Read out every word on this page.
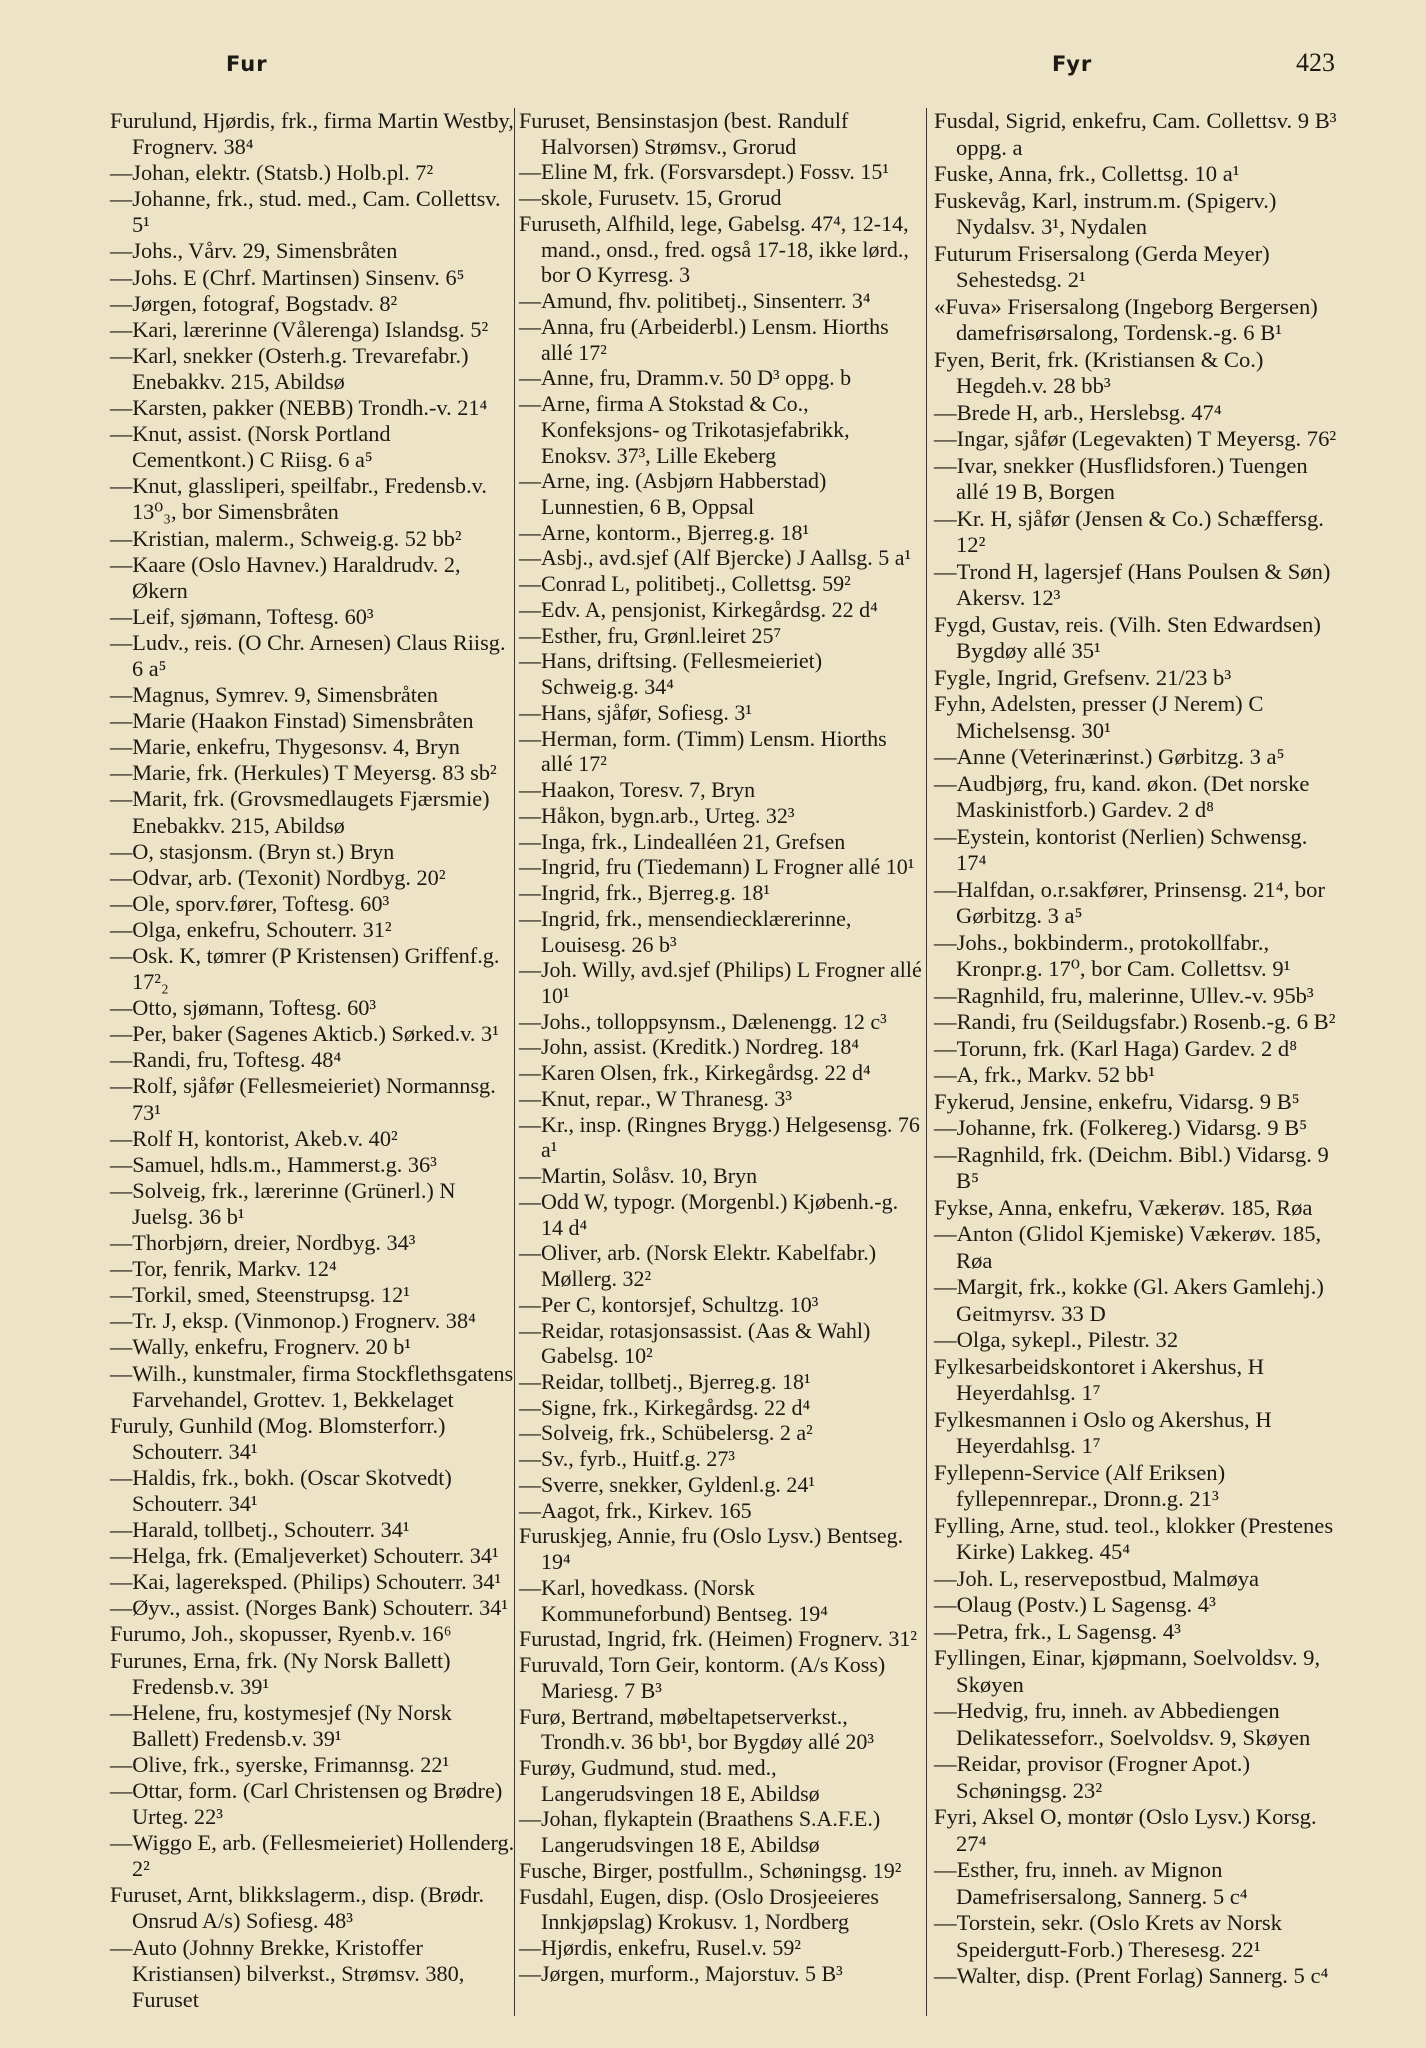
Fur	Fyr	423
Furulund, Hjørdis, frk., firma Martin Westby, Frognerv. 38⁴
—Johan, elektr. (Statsb.) Holb.pl. 7²
—Johanne, frk., stud. med., Cam. Collettsv. 5¹
—Johs., Vårv. 29, Simensbråten
—Johs. E (Chrf. Martinsen) Sinsenv. 6⁵
—Jørgen, fotograf, Bogstadv. 8²
—Kari, lærerinne (Vålerenga) Islandsg. 5²
—Karl, snekker (Osterh.g. Trevarefabr.) Enebakkv. 215, Abildsø
—Karsten, pakker (NEBB) Trondh.-v. 21⁴
—Knut, assist. (Norsk Portland Cementkont.) C Riisg. 6 a⁵
—Knut, glassliperi, speilfabr., Fredensb.v. 13⁰₃, bor Simensbråten
—Kristian, malerm., Schweig.g. 52 bb²
—Kaare (Oslo Havnev.) Haraldrudv. 2, Økern
—Leif, sjømann, Toftesg. 60³
—Ludv., reis. (O Chr. Arnesen) Claus Riisg. 6 a⁵
—Magnus, Symrev. 9, Simensbråten
—Marie (Haakon Finstad) Simensbråten
—Marie, enkefru, Thygesonsv. 4, Bryn
—Marie, frk. (Herkules) T Meyersg. 83 sb²
—Marit, frk. (Grovsmedlaugets Fjærsmie) Enebakkv. 215, Abildsø
—O, stasjonsm. (Bryn st.) Bryn
—Odvar, arb. (Texonit) Nordbyg. 20²
—Ole, sporv.fører, Toftesg. 60³
—Olga, enkefru, Schouterr. 31²
—Osk. K, tømrer (P Kristensen) Griffenf.g. 17²₂
—Otto, sjømann, Toftesg. 60³
—Per, baker (Sagenes Akticb.) Sørked.v. 3¹
—Randi, fru, Toftesg. 48⁴
—Rolf, sjåfør (Fellesmeieriet) Normannsg. 73¹
—Rolf H, kontorist, Akeb.v. 40²
—Samuel, hdls.m., Hammerst.g. 36³
—Solveig, frk., lærerinne (Grünerl.) N Juelsg. 36 b¹
—Thorbjørn, dreier, Nordbyg. 34³
—Tor, fenrik, Markv. 12⁴
—Torkil, smed, Steenstrupsg. 12¹
—Tr. J, eksp. (Vinmonop.) Frognerv. 38⁴
—Wally, enkefru, Frognerv. 20 b¹
—Wilh., kunstmaler, firma Stockflethsgatens Farvehandel, Grottev. 1, Bekkelaget
Furuly, Gunhild (Mog. Blomsterforr.) Schouterr. 34¹
—Haldis, frk., bokh. (Oscar Skotvedt) Schouterr. 34¹
—Harald, tollbetj., Schouterr. 34¹
—Helga, frk. (Emaljeverket) Schouterr. 34¹
—Kai, lagereksped. (Philips) Schouterr. 34¹
—Øyv., assist. (Norges Bank) Schouterr. 34¹
Furumo, Joh., skopusser, Ryenb.v. 16⁶
Furunes, Erna, frk. (Ny Norsk Ballett) Fredensb.v. 39¹
—Helene, fru, kostymesjef (Ny Norsk Ballett) Fredensb.v. 39¹
—Olive, frk., syerske, Frimannsg. 22¹
—Ottar, form. (Carl Christensen og Brødre) Urteg. 22³
—Wiggo E, arb. (Fellesmeieriet) Hollenderg. 2²
Furuset, Arnt, blikkslagerm., disp. (Brødr. Onsrud A/s) Sofiesg. 48³
—Auto (Johnny Brekke, Kristoffer Kristiansen) bilverkst., Strømsv. 380, Furuset
Furuset, Bensinstasjon (best. Randulf Halvorsen) Strømsv., Grorud
—Eline M, frk. (Forsvarsdept.) Fossv. 15¹
—skole, Furusetv. 15, Grorud
Furuseth, Alfhild, lege, Gabelsg. 47⁴, 12-14, mand., onsd., fred. også 17-18, ikke lørd., bor O Kyrresg. 3
—Amund, fhv. politibetj., Sinsenterr. 3⁴
—Anna, fru (Arbeiderbl.) Lensm. Hiorths allé 17²
—Anne, fru, Dramm.v. 50 D³ oppg. b
—Arne, firma A Stokstad & Co., Konfeksjons- og Trikotasjefabrikk, Enoksv. 37³, Lille Ekeberg
—Arne, ing. (Asbjørn Habberstad) Lunnestien, 6 B, Oppsal
—Arne, kontorm., Bjerreg.g. 18¹
—Asbj., avd.sjef (Alf Bjercke) J Aallsg. 5 a¹
—Conrad L, politibetj., Collettsg. 59²
—Edv. A, pensjonist, Kirkegårdsg. 22 d⁴
—Esther, fru, Grønl.leiret 25⁷
—Hans, driftsing. (Fellesmeieriet) Schweig.g. 34⁴
—Hans, sjåfør, Sofiesg. 3¹
—Herman, form. (Timm) Lensm. Hiorths allé 17²
—Haakon, Toresv. 7, Bryn
—Håkon, bygn.arb., Urteg. 32³
—Inga, frk., Lindealléen 21, Grefsen
—Ingrid, fru (Tiedemann) L Frogner allé 10¹
—Ingrid, frk., Bjerreg.g. 18¹
—Ingrid, frk., mensendiecklærerinne, Louisesg. 26 b³
—Joh. Willy, avd.sjef (Philips) L Frogner allé 10¹
—Johs., tolloppsynsm., Dælenengg. 12 c³
—John, assist. (Kreditk.) Nordreg. 18⁴
—Karen Olsen, frk., Kirkegårdsg. 22 d⁴
—Knut, repar., W Thranesg. 3³
—Kr., insp. (Ringnes Brygg.) Helgesensg. 76 a¹
—Martin, Solåsv. 10, Bryn
—Odd W, typogr. (Morgenbl.) Kjøbenh.-g. 14 d⁴
—Oliver, arb. (Norsk Elektr. Kabelfabr.) Møllerg. 32²
—Per C, kontorsjef, Schultzg. 10³
—Reidar, rotasjonsassist. (Aas & Wahl) Gabelsg. 10²
—Reidar, tollbetj., Bjerreg.g. 18¹
—Signe, frk., Kirkegårdsg. 22 d⁴
—Solveig, frk., Schübelersg. 2 a²
—Sv., fyrb., Huitf.g. 27³
—Sverre, snekker, Gyldenl.g. 24¹
—Aagot, frk., Kirkev. 165
Furuskjeg, Annie, fru (Oslo Lysv.) Bentseg. 19⁴
—Karl, hovedkass. (Norsk Kommuneforbund) Bentseg. 19⁴
Furustad, Ingrid, frk. (Heimen) Frognerv. 31²
Furuvald, Torn Geir, kontorm. (A/s Koss) Mariesg. 7 B³
Furø, Bertrand, møbeltapetserverkst., Trondh.v. 36 bb¹, bor Bygdøy allé 20³
Furøy, Gudmund, stud. med., Langerudsvingen 18 E, Abildsø
—Johan, flykaptein (Braathens S.A.F.E.) Langerudsvingen 18 E, Abildsø
Fusche, Birger, postfullm., Schøningsg. 19²
Fusdahl, Eugen, disp. (Oslo Drosjeeieres Innkjøpslag) Krokusv. 1, Nordberg
—Hjørdis, enkefru, Rusel.v. 59²
—Jørgen, murform., Majorstuv. 5 B³
Fusdal, Sigrid, enkefru, Cam. Collettsv. 9 B³ oppg. a
Fuske, Anna, frk., Collettsg. 10 a¹
Fuskevåg, Karl, instrum.m. (Spigerv.) Nydalsv. 3¹, Nydalen
Futurum Frisersalong (Gerda Meyer) Sehestedsg. 2¹
«Fuva» Frisersalong (Ingeborg Bergersen) damefrisørsalong, Tordensk.-g. 6 B¹
Fyen, Berit, frk. (Kristiansen & Co.) Hegdeh.v. 28 bb³
—Brede H, arb., Herslebsg. 47⁴
—Ingar, sjåfør (Legevakten) T Meyersg. 76²
—Ivar, snekker (Husflidsforen.) Tuengen allé 19 B, Borgen
—Kr. H, sjåfør (Jensen & Co.) Schæffersg. 12²
—Trond H, lagersjef (Hans Poulsen & Søn) Akersv. 12³
Fygd, Gustav, reis. (Vilh. Sten Edwardsen) Bygdøy allé 35¹
Fygle, Ingrid, Grefsenv. 21/23 b³
Fyhn, Adelsten, presser (J Nerem) C Michelsensg. 30¹
—Anne (Veterinærinst.) Gørbitzg. 3 a⁵
—Audbjørg, fru, kand. økon. (Det norske Maskinistforb.) Gardev. 2 d⁸
—Eystein, kontorist (Nerlien) Schwensg. 17⁴
—Halfdan, o.r.sakfører, Prinsensg. 21⁴, bor Gørbitzg. 3 a⁵
—Johs., bokbinderm., protokollfabr., Kronpr.g. 17⁰, bor Cam. Collettsv. 9¹
—Ragnhild, fru, malerinne, Ullev.-v. 95b³
—Randi, fru (Seildugsfabr.) Rosenb.-g. 6 B²
—Torunn, frk. (Karl Haga) Gardev. 2 d⁸
—A, frk., Markv. 52 bb¹
Fykerud, Jensine, enkefru, Vidarsg. 9 B⁵
—Johanne, frk. (Folkereg.) Vidarsg. 9 B⁵
—Ragnhild, frk. (Deichm. Bibl.) Vidarsg. 9 B⁵
Fykse, Anna, enkefru, Vækerøv. 185, Røa
—Anton (Glidol Kjemiske) Vækerøv. 185, Røa
—Margit, frk., kokke (Gl. Akers Gamlehj.) Geitmyrsv. 33 D
—Olga, sykepl., Pilestr. 32
Fylkesarbeidskontoret i Akershus, H Heyerdahlsg. 1⁷
Fylkesmannen i Oslo og Akershus, H Heyerdahlsg. 1⁷
Fyllepenn-Service (Alf Eriksen) fyllepennrepar., Dronn.g. 21³
Fylling, Arne, stud. teol., klokker (Prestenes Kirke) Lakkeg. 45⁴
—Joh. L, reservepostbud, Malmøya
—Olaug (Postv.) L Sagensg. 4³
—Petra, frk., L Sagensg. 4³
Fyllingen, Einar, kjøpmann, Soelvoldsv. 9, Skøyen
—Hedvig, fru, inneh. av Abbediengen Delikatesseforr., Soelvoldsv. 9, Skøyen
—Reidar, provisor (Frogner Apot.) Schøningsg. 23²
Fyri, Aksel O, montør (Oslo Lysv.) Korsg. 27⁴
—Esther, fru, inneh. av Mignon Damefrisersalong, Sannerg. 5 c⁴
—Torstein, sekr. (Oslo Krets av Norsk Speidergutt-Forb.) Theresesg. 22¹
—Walter, disp. (Prent Forlag) Sannerg. 5 c⁴
